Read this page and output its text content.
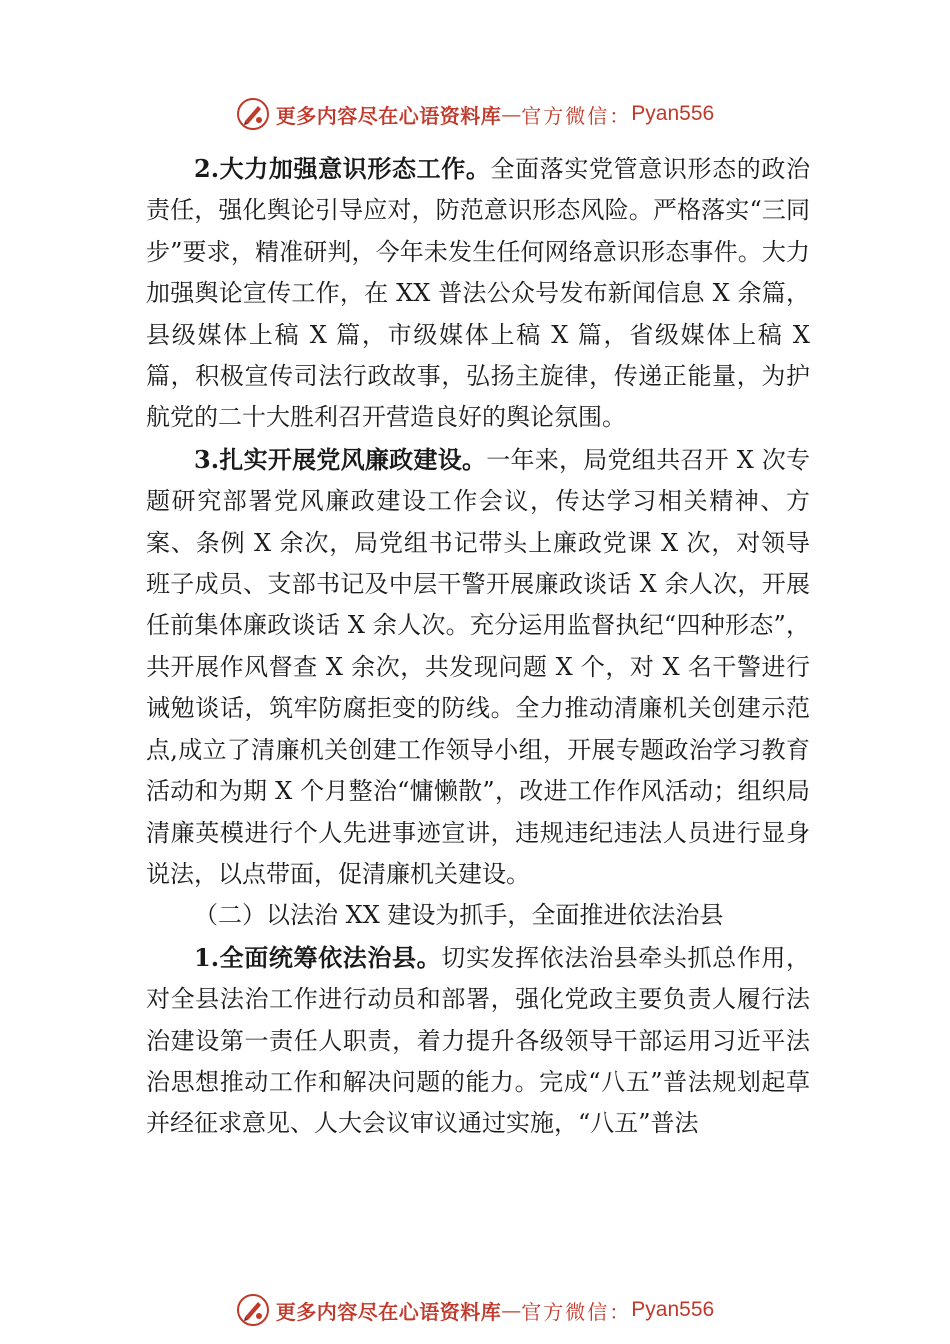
更多内容尽在心语资料库 — 官方微信： Pyan556

2.大力加强意识形态工作。全面落实党管意识形态的政治责任，强化舆论引导应对，防范意识形态风险。严格落实“三同步”要求，精准研判，今年未发生任何网络意识形态事件。大力加强舆论宣传工作，在 XX 普法公众号发布新闻信息 X 余篇，县级媒体上稿 X 篇，市级媒体上稿 X 篇，省级媒体上稿 X 篇，积极宣传司法行政故事，弘扬主旋律，传递正能量，为护航党的二十大胜利召开营造良好的舆论氛围。

3.扎实开展党风廉政建设。一年来，局党组共召开 X 次专题研究部署党风廉政建设工作会议，传达学习相关精神、方案、条例 X 余次，局党组书记带头上廉政党课 X 次，对领导班子成员、支部书记及中层干警开展廉政谈话 X 余人次，开展任前集体廉政谈话 X 余人次。充分运用监督执纪“四种形态”，共开展作风督查 X 余次，共发现问题 X 个，对 X 名干警进行诫勉谈话，筑牢防腐拒变的防线。全力推动清廉机关创建示范点,成立了清廉机关创建工作领导小组，开展专题政治学习教育活动和为期 X 个月整治“慵懒散”，改进工作作风活动；组织局清廉英模进行个人先进事迹宣讲，违规违纪违法人员进行显身说法，以点带面，促清廉机关建设。

（二）以法治 XX 建设为抓手，全面推进依法治县

1.全面统筹依法治县。切实发挥依法治县牵头抓总作用，对全县法治工作进行动员和部署，强化党政主要负责人履行法治建设第一责任人职责，着力提升各级领导干部运用习近平法治思想推动工作和解决问题的能力。完成“八五”普法规划起草并经征求意见、人大会议审议通过实施，“八五”普法

更多内容尽在心语资料库 — 官方微信： Pyan556
